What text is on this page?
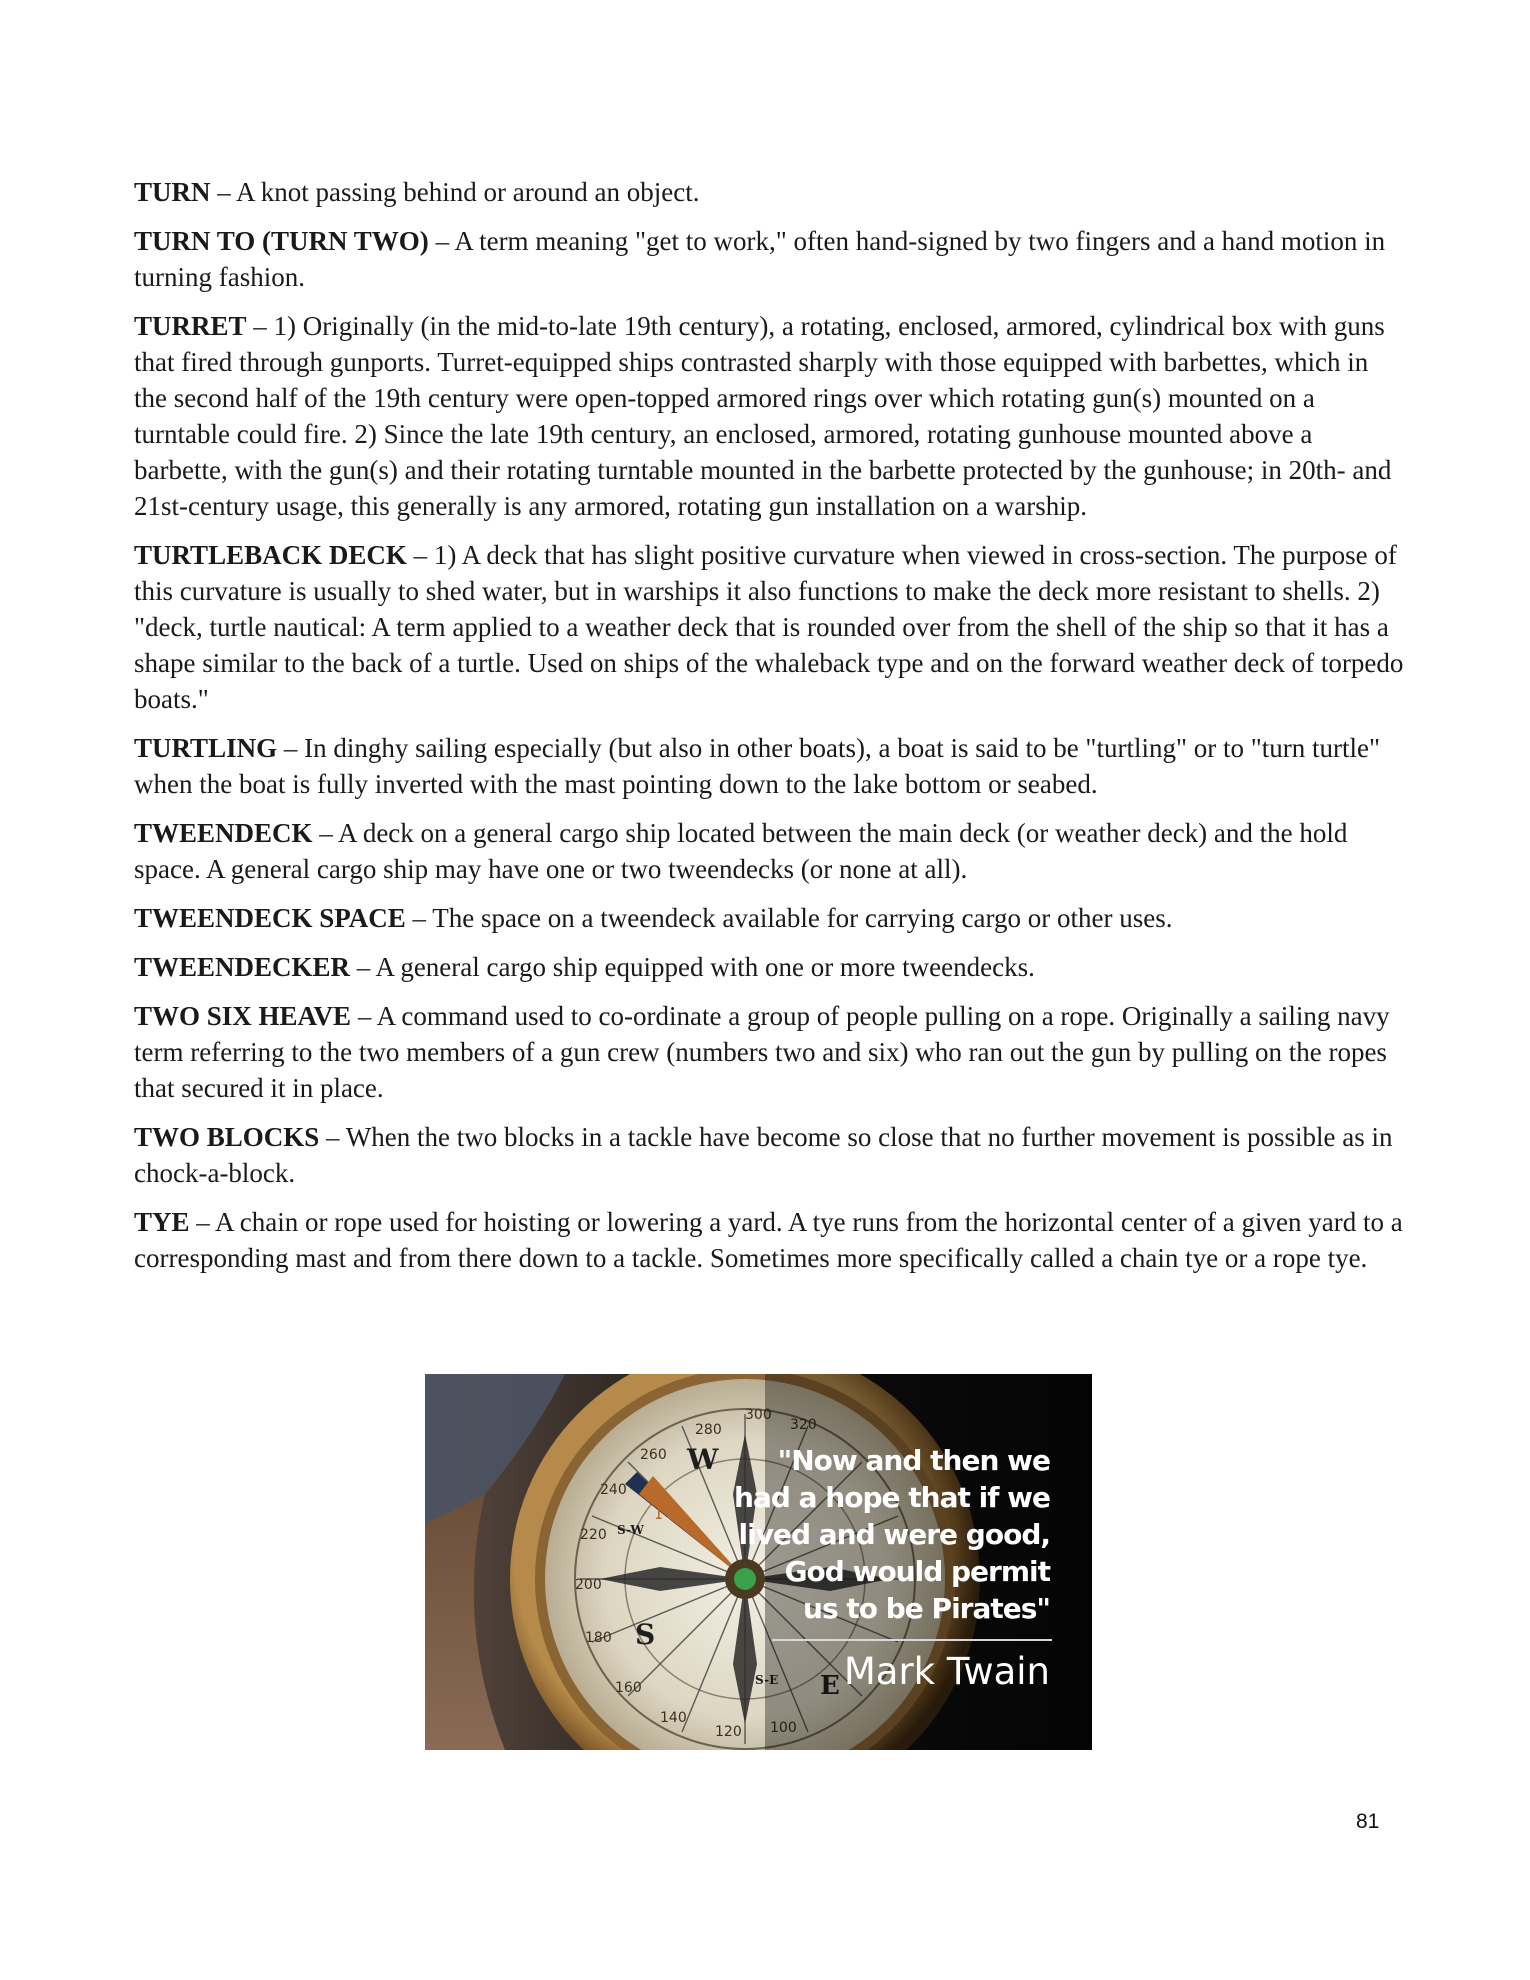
TURN – A knot passing behind or around an object.

TURN TO (TURN TWO) – A term meaning "get to work," often hand-signed by two fingers and a hand motion in turning fashion.

TURRET – 1) Originally (in the mid-to-late 19th century), a rotating, enclosed, armored, cylindrical box with guns that fired through gunports. Turret-equipped ships contrasted sharply with those equipped with barbettes, which in the second half of the 19th century were open-topped armored rings over which rotating gun(s) mounted on a turntable could fire. 2) Since the late 19th century, an enclosed, armored, rotating gunhouse mounted above a barbette, with the gun(s) and their rotating turntable mounted in the barbette protected by the gunhouse; in 20th- and 21st-century usage, this generally is any armored, rotating gun installation on a warship.

TURTLEBACK DECK – 1) A deck that has slight positive curvature when viewed in cross-section. The purpose of this curvature is usually to shed water, but in warships it also functions to make the deck more resistant to shells. 2) "deck, turtle nautical: A term applied to a weather deck that is rounded over from the shell of the ship so that it has a shape similar to the back of a turtle. Used on ships of the whaleback type and on the forward weather deck of torpedo boats."

TURTLING – In dinghy sailing especially (but also in other boats), a boat is said to be "turtling" or to "turn turtle" when the boat is fully inverted with the mast pointing down to the lake bottom or seabed.

TWEENDECK – A deck on a general cargo ship located between the main deck (or weather deck) and the hold space. A general cargo ship may have one or two tweendecks (or none at all).

TWEENDECK SPACE – The space on a tweendeck available for carrying cargo or other uses.

TWEENDECKER – A general cargo ship equipped with one or more tweendecks.

TWO SIX HEAVE – A command used to co-ordinate a group of people pulling on a rope. Originally a sailing navy term referring to the two members of a gun crew (numbers two and six) who ran out the gun by pulling on the ropes that secured it in place.

TWO BLOCKS – When the two blocks in a tackle have become so close that no further movement is possible as in chock-a-block.

TYE – A chain or rope used for hoisting or lowering a yard. A tye runs from the horizontal center of a given yard to a corresponding mast and from there down to a tackle. Sometimes more specifically called a chain tye or a rope tye.

280
300
320
260
240
220
200
180
160
140
120 100
W
S
E
N
S-W
S-E
"Now and then we
had a hope that if we
lived and were good,
God would permit
us to be Pirates"
Mark Twain
81
